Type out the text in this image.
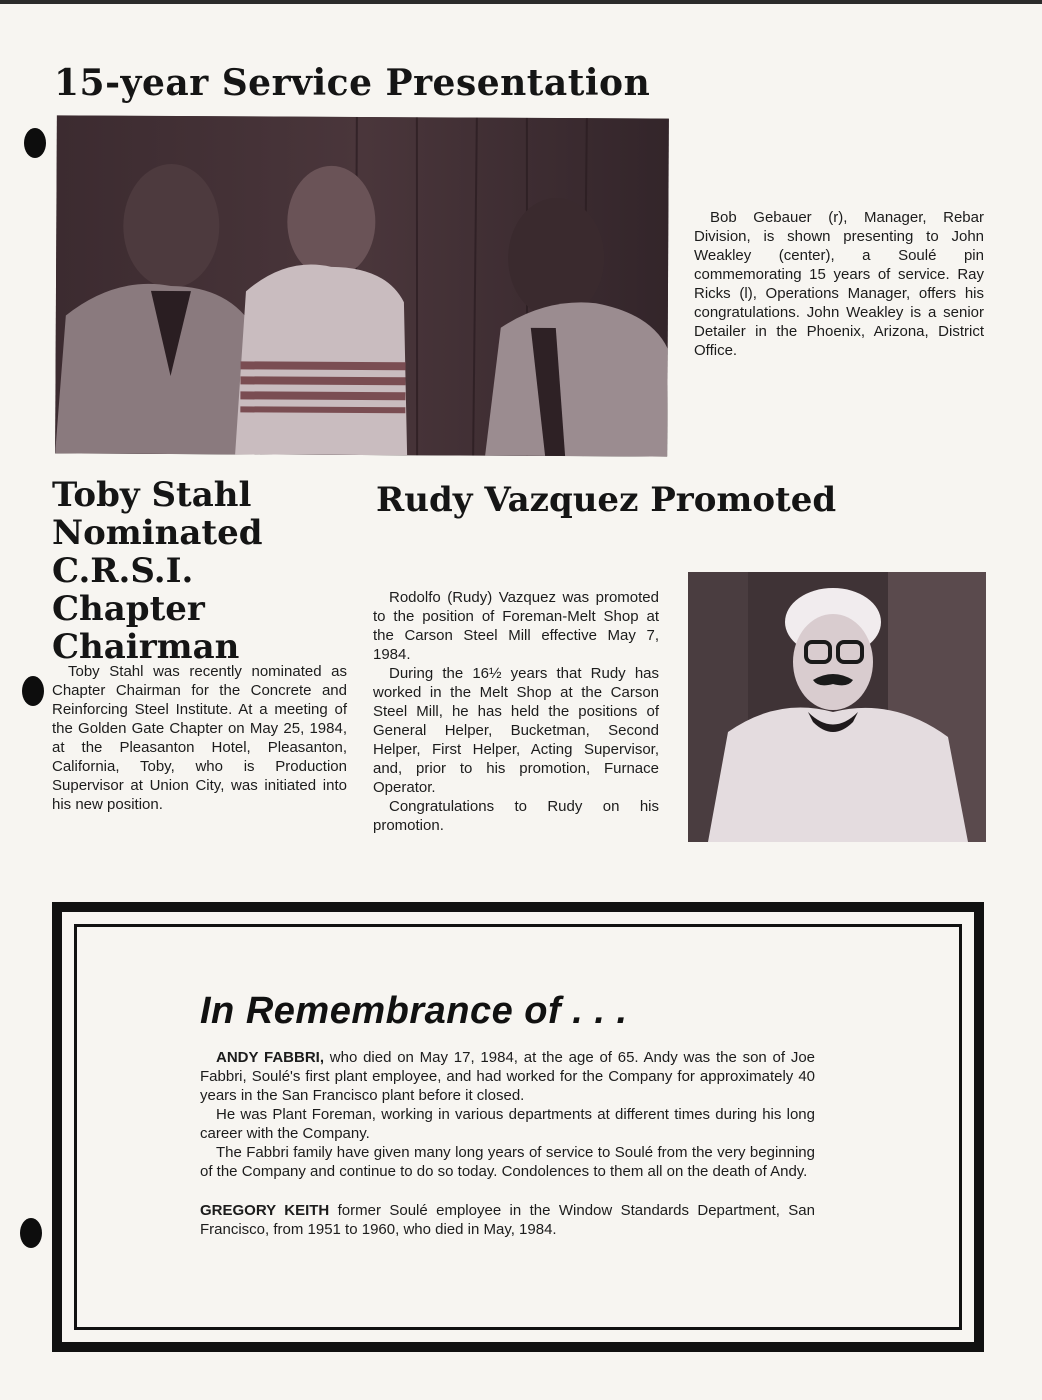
15-year Service Presentation
Bob Gebauer (r), Manager, Rebar Division, is shown presenting to John Weakley (center), a Soulé pin commemorating 15 years of service. Ray Ricks (l), Operations Manager, offers his congratulations. John Weakley is a senior Detailer in the Phoenix, Arizona, District Office.
Toby Stahl
Nominated
C.R.S.I. Chapter
Chairman

Toby Stahl was recently nominated as Chapter Chairman for the Concrete and Reinforcing Steel Institute. At a meeting of the Golden Gate Chapter on May 25, 1984, at the Pleasanton Hotel, Pleasanton, California, Toby, who is Production Supervisor at Union City, was initiated into his new position.

Rudy Vazquez Promoted

Rodolfo (Rudy) Vazquez was promoted to the position of Foreman-Melt Shop at the Carson Steel Mill effective May 7, 1984.

During the 16½ years that Rudy has worked in the Melt Shop at the Carson Steel Mill, he has held the positions of General Helper, Bucketman, Second Helper, First Helper, Acting Supervisor, and, prior to his promotion, Furnace Operator.

Congratulations to Rudy on his promotion.

In Remembrance of . . .

ANDY FABBRI, who died on May 17, 1984, at the age of 65. Andy was the son of Joe Fabbri, Soulé's first plant employee, and had worked for the Company for approximately 40 years in the San Francisco plant before it closed.

He was Plant Foreman, working in various departments at different times during his long career with the Company.

The Fabbri family have given many long years of service to Soulé from the very beginning of the Company and continue to do so today. Condolences to them all on the death of Andy.

GREGORY KEITH former Soulé employee in the Window Standards Department, San Francisco, from 1951 to 1960, who died in May, 1984.
